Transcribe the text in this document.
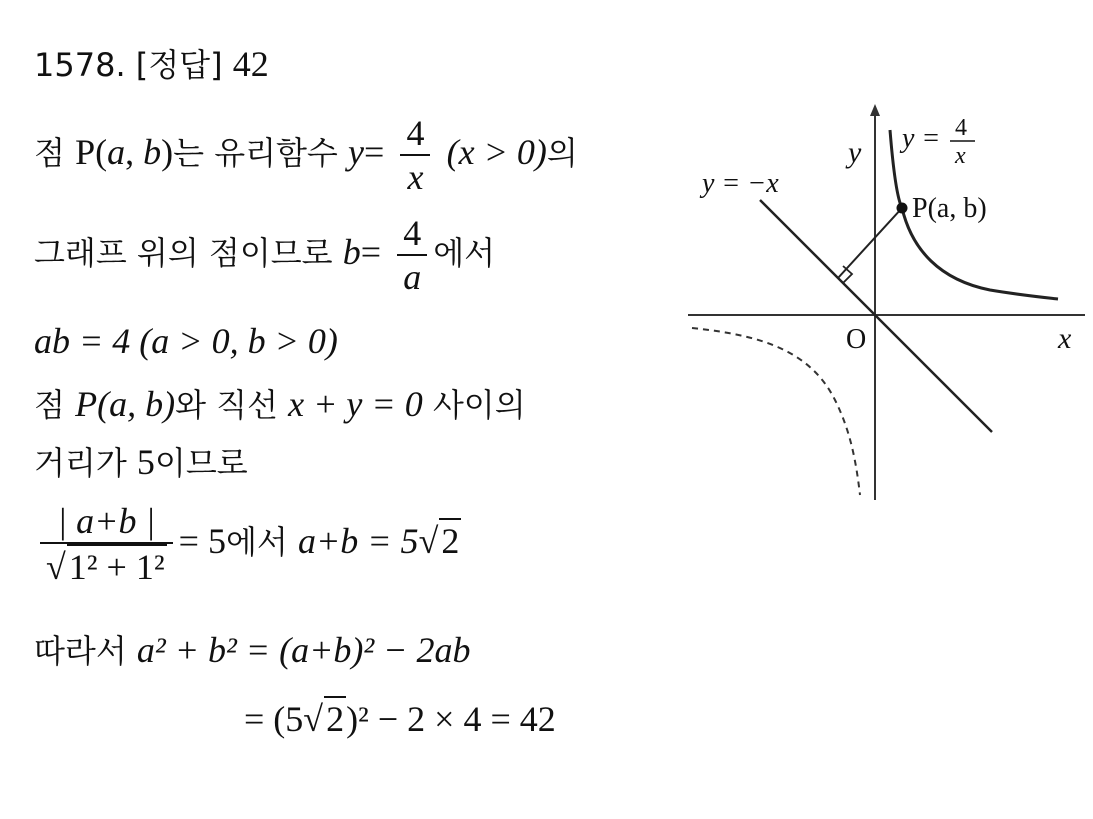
1578. [정답] 42
점 P(a, b)는 유리함수 $y= \frac{4}{x} (x > 0)$의
그래프 위의 점이므로 $b= \frac{4}{a}$ 에서
ab = 4 (a > 0, b > 0)
점 P(a, b)와 직선 x + y = 0 사이의
거리가 5이므로
$\frac{| a+b |}{\text{√1² + 1²}} = 5$에서 a+b = 5√2
따라서 a² + b² = (a+b)² − 2ab
= (5√2)² − 2 × 4 = 42
y
x
O
y = −x
y = 4
x
P(a, b)
